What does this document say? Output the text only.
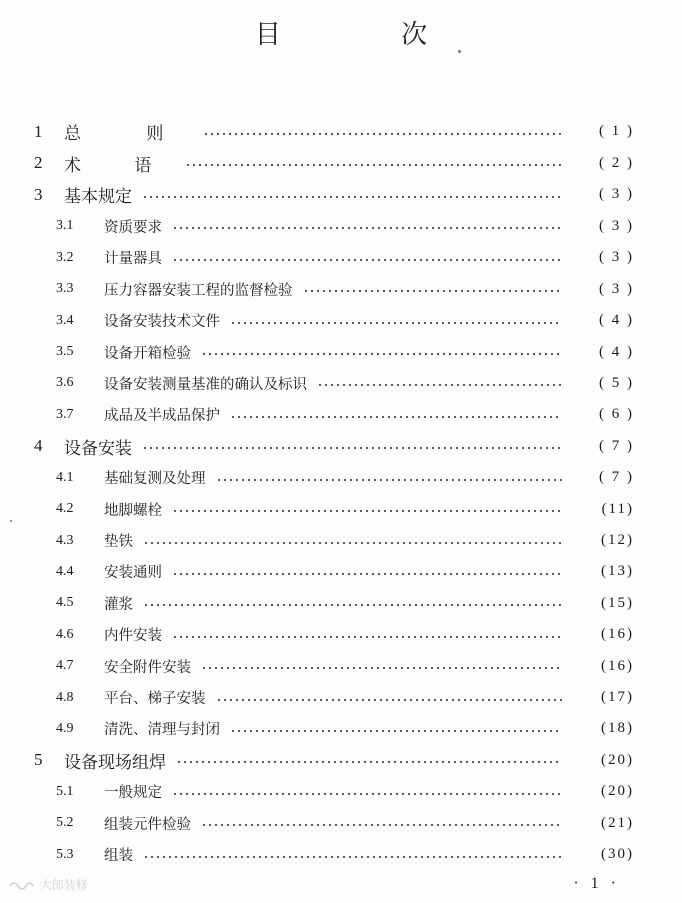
目 次
1	总 则	( 1 )
2	术 语	( 2 )
3	基本规定	( 3 )
3.1	资质要求	( 3 )
3.2	计量器具	( 3 )
3.3	压力容器安装工程的监督检验	( 3 )
3.4	设备安装技术文件	( 4 )
3.5	设备开箱检验	( 4 )
3.6	设备安装测量基准的确认及标识	( 5 )
3.7	成品及半成品保护	( 6 )
4	设备安装	( 7 )
4.1	基础复测及处理	( 7 )
4.2	地脚螺栓	(11)
4.3	垫铁	(12)
4.4	安装通则	(13)
4.5	灌浆	(15)
4.6	内件安装	(16)
4.7	安全附件安装	(16)
4.8	平台、梯子安装	(17)
4.9	清洗、清理与封闭	(18)
5	设备现场组焊	(20)
5.1	一般规定	(20)
5.2	组装元件检验	(21)
5.3	组装	(30)
· 1 ·
大郎装修
